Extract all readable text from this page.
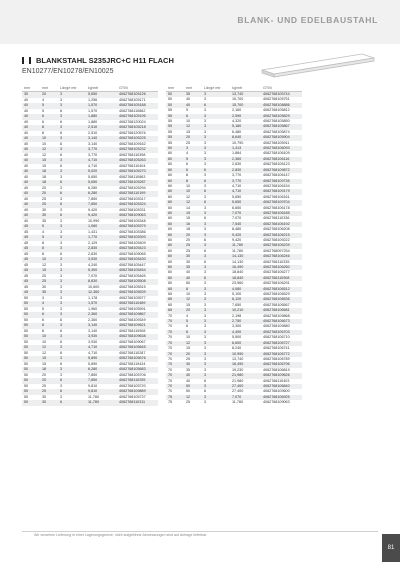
BLANK- UND EDELBAUSTAHL
BLANKSTAHL S235JRC+C H11 FLACH
EN10277/EN10278/EN10025
mm	mm	Länge mtr	kg/mtr	GTIN
30	20	3	5,650	4062768105126
40	4	3	1,256	4062768105171
40	5	3	1,570	4062768105188
40	5	6	1,570	4062768110862
40	6	3	1,880	4062768105195
40	6	6	1,880	4062768120024
40	8	3	2,510	4062768105218
40	8	6	2,510	4062768120576
40	10	3	3,140	4062768105225
40	10	6	3,140	4062768109162
40	12	3	3,770	4062768105232
40	12	6	3,770	4062768110398
40	15	3	4,710	4062768105263
40	15	6	4,710	4062768110404
40	18	3	5,020	4062768105270
40	18	3	5,650	4062768110863
40	18	6	5,650	4062768105287
40	20	3	6,280	4062768105294
40	20	6	6,280	4062768110199
40	25	3	7,850	4062768105317
40	25	6	7,850	4062768105324
40	30	3	9,420	4062768105331
40	30	6	9,420	4062768109063
40	35	3	10,990	4062768105348
45	5	3	1,060	4062768105379
45	4	3	1,431	4062768105386
45	5	3	1,770	4062768105393
45	8	3	2,129	4062768105409
45	8	3	2,830	4062768105423
45	8	6	2,830	4062768105065
45	10	3	3,530	4062768105430
45	12	3	4,240	4062768105447
45	15	3	5,300	4062768105454
45	20	3	7,070	4062768105465
45	25	3	8,830	4062768105508
45	30	3	10,600	4062768105515
45	35	3	12,360	4062768105539
50	3	3	1,178	4062768105577
50	4	3	1,570	4062768110489
50	5	3	1,960	4062768105591
50	6	3	2,360	4062768109867
50	6	6	2,360	4062768109349
50	8	3	3,140	4062768109621
50	8	6	3,140	4062768110908
50	10	3	3,930	4062768109638
50	10	6	3,930	4062768109067
50	12	3	4,710	4062768105645
50	12	6	4,710	4062768110287
50	15	3	5,890	4062768105676
50	15	6	5,890	4062768119434
50	18	3	6,280	4062768105683
50	20	3	7,850	4062768105706
50	20	6	7,850	4062768110255
50	25	3	9,810	4062768105720
50	25	6	9,810	4062768109889
50	30	3	11,780	4062768105737
50	30	6	11,780	4062768110311
mm	mm	Länge mtr	kg/mtr	GTIN
50	35	3	13,740	4062768105744
50	40	3	15,700	4062768105751
50	40	6	15,700	4062768108886
55	5	3	2,160	4062768105812
55	6	3	2,590	4062768105829
55	10	3	4,320	4062768105850
55	12	3	5,180	4062768105867
55	15	3	6,480	4062768105874
55	20	3	8,640	4062768105904
55	25	3	10,790	4062768105911
60	3	3	1,413	4062768106093
60	4	3	1,884	4062768106109
60	5	3	2,360	4062768106116
60	6	3	2,830	4062768106123
60	6	6	2,830	4062768109872
60	8	3	3,770	4062768106147
60	8	6	3,770	4062768109735
60	10	3	4,710	4062768106154
60	10	6	4,710	4062768109179
60	12	3	5,650	4062768106161
60	12	6	5,650	4062768109704
60	14	3	6,650	4062768106178
60	15	3	7,070	4062768106185
60	15	6	7,070	4062768110336
60	16	3	7,540	4062768106192
60	18	3	8,480	4062768106208
60	20	3	9,420	4062768106215
60	20	6	9,420	4062768109222
60	25	3	11,780	4062768106239
60	25	6	11,780	4062768097254
60	30	3	14,130	4062768106246
60	30	6	14,130	4062768110335
60	35	3	16,490	4062768106260
60	40	3	18,840	4062768106277
60	40	6	18,840	4062768110908
60	50	3	23,560	4062768106291
65	8	3	4,080	4062768106512
65	10	3	5,100	4062768106529
65	12	3	6,120	4062768106536
65	15	3	7,650	4062768106567
65	20	3	10,210	4062768106581
70	4	3	2,198	4062768109868
70	5	3	2,750	4062768106673
70	6	3	3,300	4062768109880
70	8	3	4,400	4062768106703
70	10	3	5,500	4062768106710
70	12	3	6,600	4062768106727
70	15	3	8,240	4062768106741
70	20	3	10,990	4062768106772
70	25	3	13,740	4062768106789
70	30	3	16,490	4062768106796
70	35	3	19,230	4062768106819
70	40	3	21,980	4062768109626
70	40	6	21,980	4062768110403
70	50	3	27,400	4062768106840
70	50	6	27,400	4062768109600
75	12	3	7,070	4062768106925
75	25	3	11,780	4062768109063
Wir versehen Lieferung in einer Lagerungsgrenze, nicht aufgeführte Abmessungen sind auf Anfrage lieferbar.
81
